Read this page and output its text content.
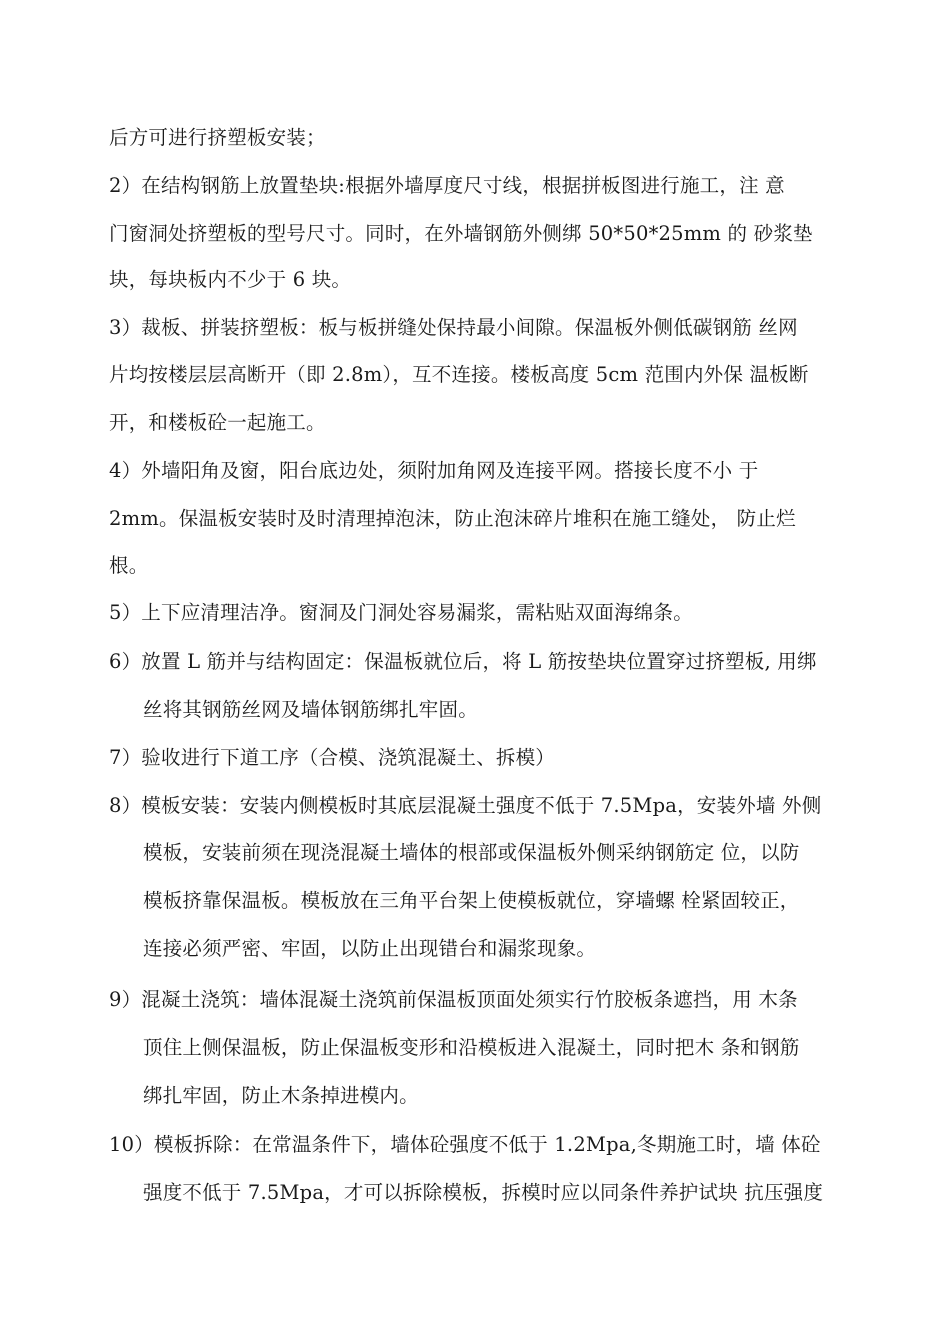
后方可进行挤塑板安装；
2）在结构钢筋上放置垫块:根据外墙厚度尺寸线，根据拼板图进行施工，注 意
门窗洞处挤塑板的型号尺寸。同时，在外墙钢筋外侧绑 50*50*25mm 的 砂浆垫
块，每块板内不少于 6 块。
3）裁板、拼装挤塑板：板与板拼缝处保持最小间隙。保温板外侧低碳钢筋 丝网
片均按楼层层高断开（即 2.8m），互不连接。楼板高度 5cm 范围内外保 温板断
开，和楼板砼一起施工。
4）外墙阳角及窗，阳台底边处，须附加角网及连接平网。搭接长度不小 于
2mm。保温板安装时及时清理掉泡沫，防止泡沫碎片堆积在施工缝处， 防止烂
根。
5）上下应清理洁净。窗洞及门洞处容易漏浆，需粘贴双面海绵条。
6）放置 L 筋并与结构固定：保温板就位后，将 L 筋按垫块位置穿过挤塑板, 用绑
丝将其钢筋丝网及墙体钢筋绑扎牢固。
7）验收进行下道工序（合模、浇筑混凝土、拆模）
8）模板安装：安装内侧模板时其底层混凝土强度不低于 7.5Mpa，安装外墙 外侧
模板，安装前须在现浇混凝土墙体的根部或保温板外侧采纳钢筋定 位，以防
模板挤靠保温板。模板放在三角平台架上使模板就位，穿墙螺 栓紧固较正，
连接必须严密、牢固，以防止出现错台和漏浆现象。
9）混凝土浇筑：墙体混凝土浇筑前保温板顶面处须实行竹胶板条遮挡，用 木条
顶住上侧保温板，防止保温板变形和沿模板进入混凝土，同时把木 条和钢筋
绑扎牢固，防止木条掉进模内。
10）模板拆除：在常温条件下，墙体砼强度不低于 1.2Mpa,冬期施工时，墙 体砼
强度不低于 7.5Mpa，才可以拆除模板，拆模时应以同条件养护试块 抗压强度
